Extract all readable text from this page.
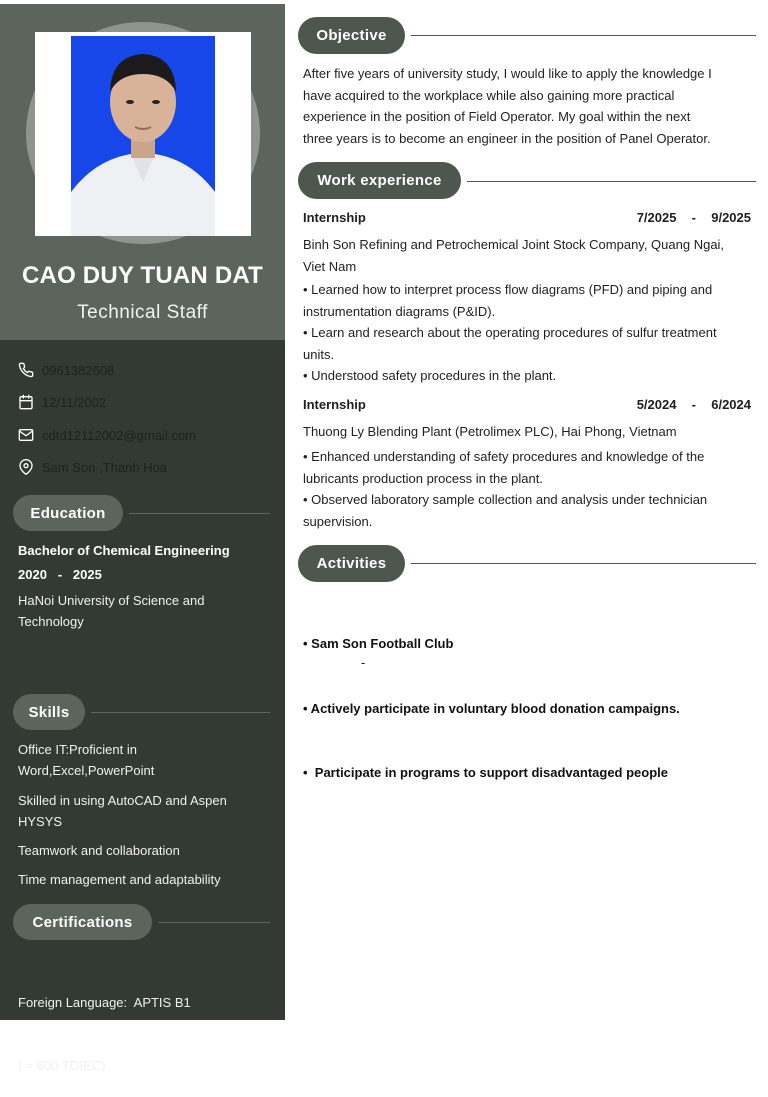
CAO DUY TUAN DAT
Technical Staff
0961382608
12/11/2002
cdtd12112002@gmail.com
Sam Son ,Thanh Hoa
Education
Bachelor of Chemical Engineering
2020   -   2025
HaNoi University of Science and
Technology
Skills
Office IT:Proficient in
Word,Excel,PowerPoint
Skilled in using AutoCAD and Aspen
HYSYS
Teamwork and collaboration
Time management and adaptability
Certifications

Foreign Language:  APTIS B1

( ≈ 600 TOIEC)

Objective
After five years of university study, I would like to apply the knowledge I
have acquired to the workplace while also gaining more practical
experience in the position of Field Operator. My goal within the next
three years is to become an engineer in the position of Panel Operator.
Work experience
Internship	7/2025  -  9/2025
Binh Son Refining and Petrochemical Joint Stock Company, Quang Ngai,
Viet Nam
• Learned how to interpret process flow diagrams (PFD) and piping and
instrumentation diagrams (P&ID).
• Learn and research about the operating procedures of sulfur treatment
units.
• Understood safety procedures in the plant.
Internship	5/2024  -  6/2024
Thuong Ly Blending Plant (Petrolimex PLC), Hai Phong, Vietnam
• Enhanced understanding of safety procedures and knowledge of the
lubricants production process in the plant.
• Observed laboratory sample collection and analysis under technician
supervision.
Activities

• Sam Son Football Club

• Actively participate in voluntary blood donation campaigns.

•  Participate in programs to support disadvantaged people

-
